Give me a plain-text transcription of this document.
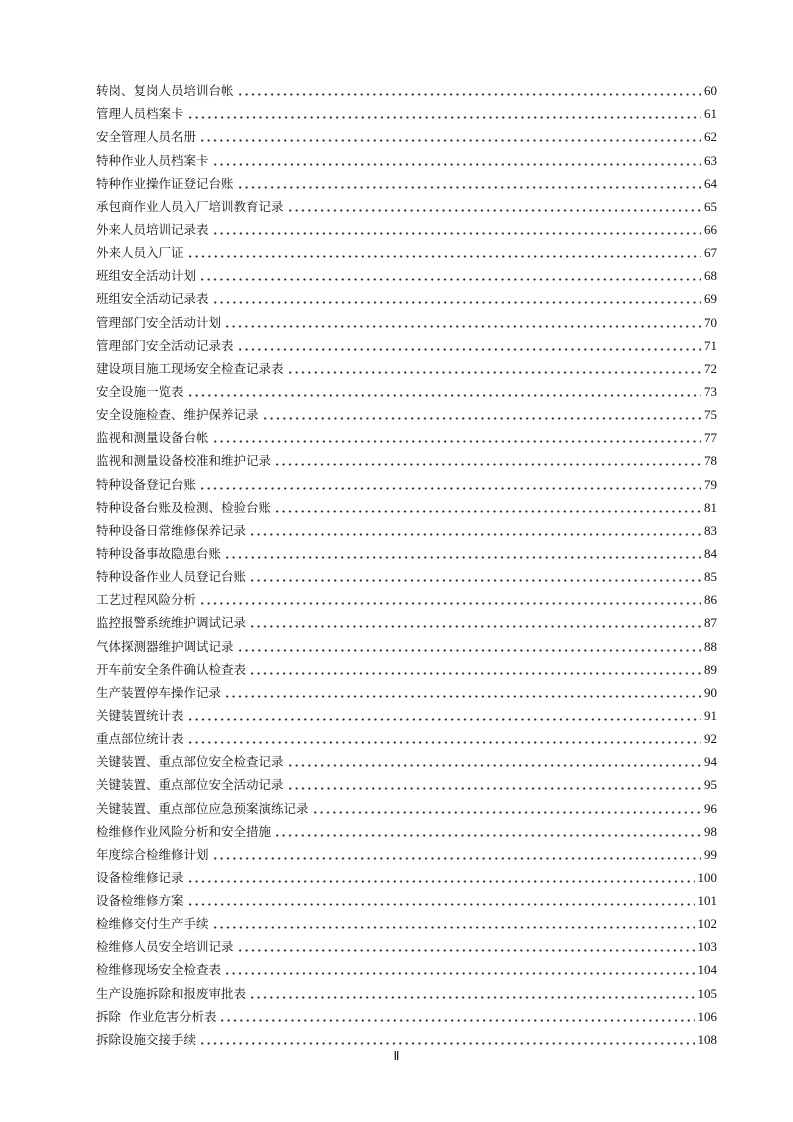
转岗、复岗人员培训台帐	60
管理人员档案卡	61
安全管理人员名册	62
特种作业人员档案卡	63
特种作业操作证登记台账	64
承包商作业人员入厂培训教育记录	65
外来人员培训记录表	66
外来人员入厂证	67
班组安全活动计划	68
班组安全活动记录表	69
管理部门安全活动计划	70
管理部门安全活动记录表	71
建设项目施工现场安全检查记录表	72
安全设施一览表	73
安全设施检查、维护保养记录	75
监视和测量设备台帐	77
监视和测量设备校准和维护记录	78
特种设备登记台账	79
特种设备台账及检测、检验台账	81
特种设备日常维修保养记录	83
特种设备事故隐患台账	84
特种设备作业人员登记台账	85
工艺过程风险分析	86
监控报警系统维护调试记录	87
气体探测器维护调试记录	88
开车前安全条件确认检查表	89
生产装置停车操作记录	90
关键装置统计表	91
重点部位统计表	92
关键装置、重点部位安全检查记录	94
关键装置、重点部位安全活动记录	95
关键装置、重点部位应急预案演练记录	96
检维修作业风险分析和安全措施	98
年度综合检维修计划	99
设备检维修记录	100
设备检维修方案	101
检维修交付生产手续	102
检维修人员安全培训记录	103
检维修现场安全检查表	104
生产设施拆除和报废审批表	105
拆除  作业危害分析表	106
拆除设施交接手续	108
Ⅱ
